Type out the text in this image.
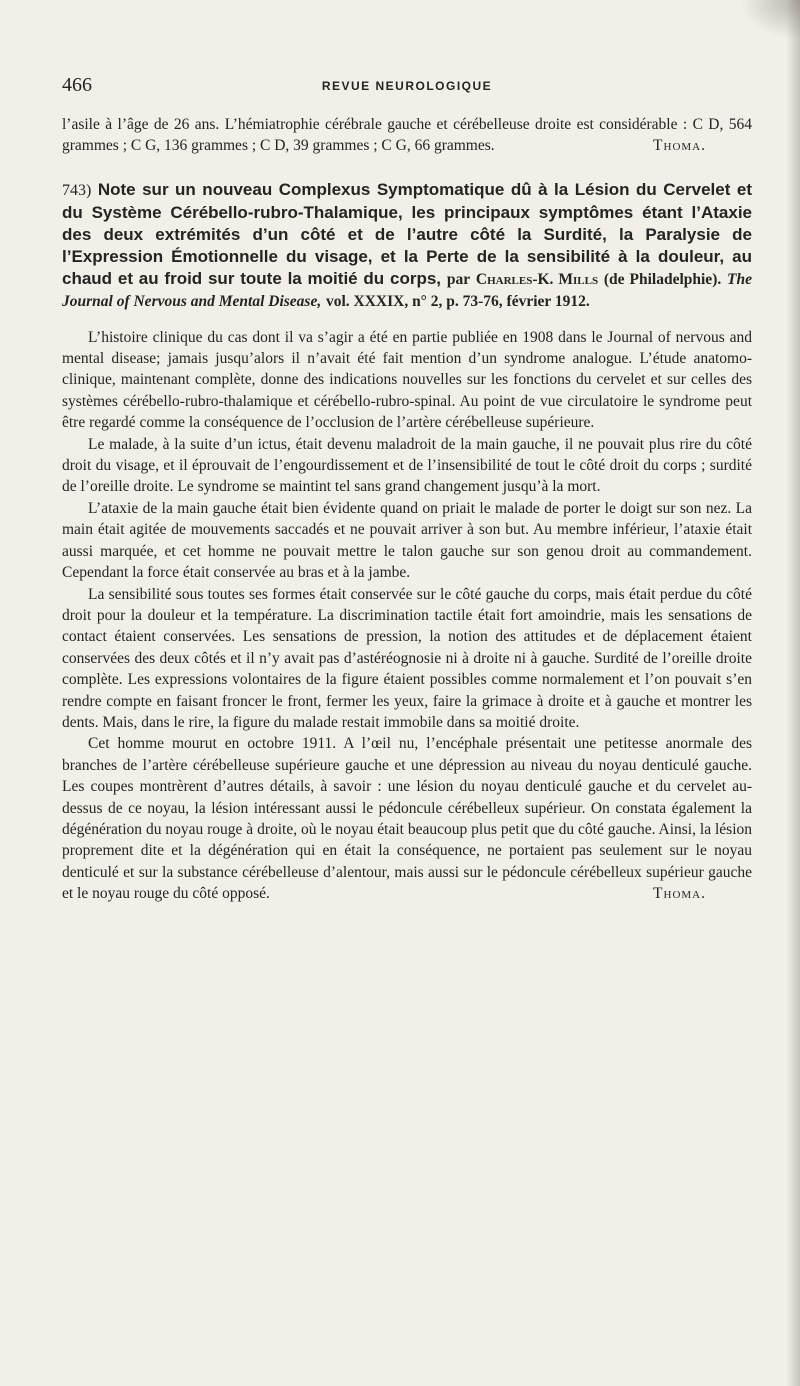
466	REVUE NEUROLOGIQUE

l’asile à l’âge de 26 ans. L’hémiatrophie cérébrale gauche et cérébelleuse droite est considérable : C D, 564 grammes ; C G, 136 grammes ; C D, 39 grammes ; C G, 66 grammes.	Thoma.

743) Note sur un nouveau Complexus Symptomatique dû à la Lésion du Cervelet et du Système Cérébello-rubro-Thalamique, les principaux symptômes étant l’Ataxie des deux extrémités d’un côté et de l’autre côté la Surdité, la Paralysie de l’Expression Émotionnelle du visage, et la Perte de la sensibilité à la douleur, au chaud et au froid sur toute la moitié du corps, par Charles-K. Mills (de Philadelphie). The Journal of Nervous and Mental Disease, vol. XXXIX, n° 2, p. 73-76, février 1912.

L’histoire clinique du cas dont il va s’agir a été en partie publiée en 1908 dans le Journal of nervous and mental disease; jamais jusqu’alors il n’avait été fait mention d’un syndrome analogue. L’étude anatomo-clinique, maintenant complète, donne des indications nouvelles sur les fonctions du cervelet et sur celles des systèmes cérébello-rubro-thalamique et cérébello-rubro-spinal. Au point de vue circulatoire le syndrome peut être regardé comme la conséquence de l’occlusion de l’artère cérébelleuse supérieure.

Le malade, à la suite d’un ictus, était devenu maladroit de la main gauche, il ne pouvait plus rire du côté droit du visage, et il éprouvait de l’engourdissement et de l’insensibilité de tout le côté droit du corps ; surdité de l’oreille droite. Le syndrome se maintint tel sans grand changement jusqu’à la mort.

L’ataxie de la main gauche était bien évidente quand on priait le malade de porter le doigt sur son nez. La main était agitée de mouvements saccadés et ne pouvait arriver à son but. Au membre inférieur, l’ataxie était aussi marquée, et cet homme ne pouvait mettre le talon gauche sur son genou droit au commandement. Cependant la force était conservée au bras et à la jambe.

La sensibilité sous toutes ses formes était conservée sur le côté gauche du corps, mais était perdue du côté droit pour la douleur et la température. La discrimination tactile était fort amoindrie, mais les sensations de contact étaient conservées. Les sensations de pression, la notion des attitudes et de déplacement étaient conservées des deux côtés et il n’y avait pas d’astéréognosie ni à droite ni à gauche. Surdité de l’oreille droite complète. Les expressions volontaires de la figure étaient possibles comme normalement et l’on pouvait s’en rendre compte en faisant froncer le front, fermer les yeux, faire la grimace à droite et à gauche et montrer les dents. Mais, dans le rire, la figure du malade restait immobile dans sa moitié droite.

Cet homme mourut en octobre 1911. A l’œil nu, l’encéphale présentait une petitesse anormale des branches de l’artère cérébelleuse supérieure gauche et une dépression au niveau du noyau denticulé gauche. Les coupes montrèrent d’autres détails, à savoir : une lésion du noyau denticulé gauche et du cervelet au-dessus de ce noyau, la lésion intéressant aussi le pédoncule cérébelleux supérieur. On constata également la dégénération du noyau rouge à droite, où le noyau était beaucoup plus petit que du côté gauche. Ainsi, la lésion proprement dite et la dégénération qui en était la conséquence, ne portaient pas seulement sur le noyau denticulé et sur la substance cérébelleuse d’alentour, mais aussi sur le pédoncule cérébelleux supérieur gauche et le noyau rouge du côté opposé.	Thoma.
